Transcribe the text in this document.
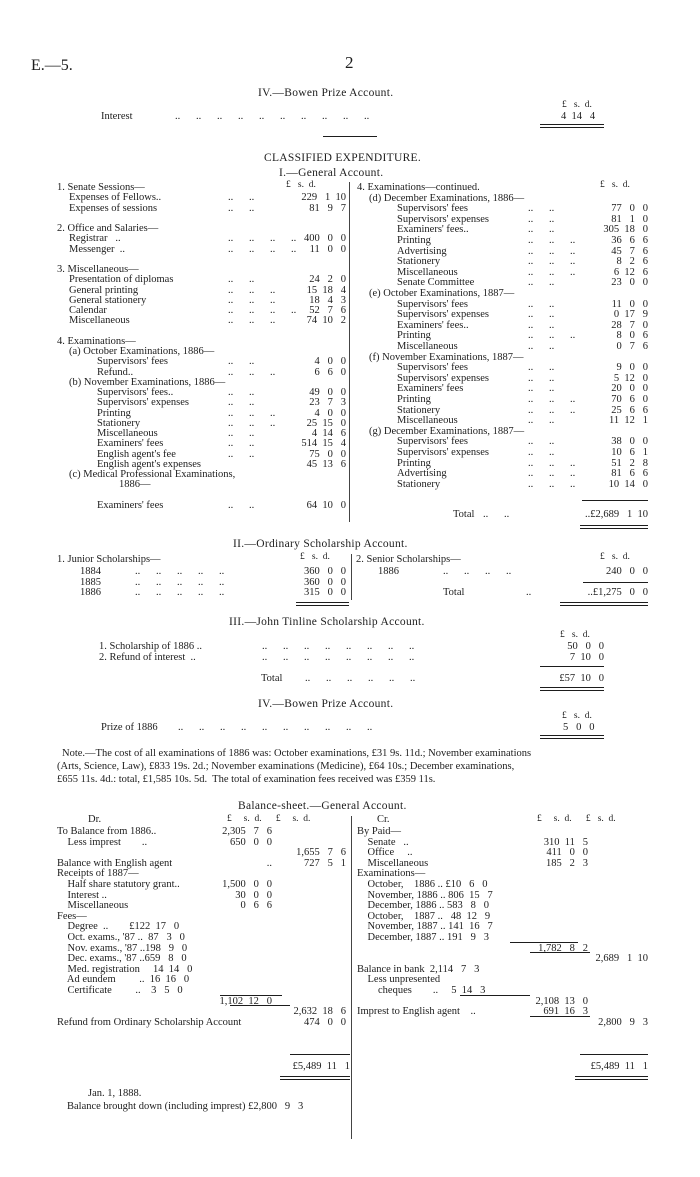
E.—5.	2
IV.—Bowen Prize Account.
£   s.  d.
Interest	..      ..      ..      ..      ..      ..      ..      ..      ..      ..	4  14   4
CLASSIFIED EXPENDITURE.
I.—General Account.
£   s.  d.	£   s.  d.
1. Senate Sessions—
Expenses of Fellows..	..      ..	229   1  10
Expenses of sessions	..      ..	81   9   7
2. Office and Salaries—
Registrar   ..	..      ..      ..      .. 400   0   0
Messenger  ..	..      ..      ..      ..	11   0   0
3. Miscellaneous—
Presentation of diplomas	..      ..	24   2   0
General printing	..      ..      ..	15  18   4
General stationery	..      ..      ..	18   4   3
Calendar	..      ..      ..      ..	52   7   6
Miscellaneous	..      ..      ..	74  10   2
4. Examinations—
(a) October Examinations, 1886—
Supervisors' fees	..      ..	4   0   0
Refund..	..      ..      ..	6   6   0
(b) November Examinations, 1886—
Supervisors' fees..	..      ..	49   0   0
Supervisors' expenses	..      ..	23   7   3
Printing	..      ..      ..	4   0   0
Stationery	..      ..      ..	25  15   0
Miscellaneous	..      ..	4  14   6
Examiners' fees	..      ..	514  15   4
English agent's fee	..      ..	75   0   0
English agent's expenses	45  13   6
(c) Medical Professional Examinations,
1886—
Examiners' fees	..      ..	64  10   0
4. Examinations—continued.
(d) December Examinations, 1886—
Supervisors' fees	..      ..	77   0   0
Supervisors' expenses	..      ..	81   1   0
Examiners' fees..	..      ..	305  18   0
Printing	..      ..      ..	36   6   6
Advertising	..      ..      ..	45   7   6
Stationery	..      ..      ..	8   2   6
Miscellaneous	..      ..      ..	6  12   6
Senate Committee	..      ..	23   0   0
(e) October Examinations, 1887—
Supervisors' fees	..      ..	11   0   0
Supervisors' expenses	..      ..	0  17   9
Examiners' fees..	..      ..	28   7   0
Printing	..      ..      ..	8   0   6
Miscellaneous	..      ..	0   7   6
(f) November Examinations, 1887—
Supervisors' fees	..      ..	9   0   0
Supervisors' expenses	..      ..	5  12   0
Examiners' fees	..      ..	20   0   0
Printing	..      ..      ..	70   6   0
Stationery	..      ..      ..	25   6   6
Miscellaneous	..      ..	11  12   1
(g) December Examinations, 1887—
Supervisors' fees	..      ..	38   0   0
Supervisors' expenses	..      ..	10   6   1
Printing	..      ..      ..	51   2   8
Advertising	..      ..      ..	81   6   6
Stationery	..      ..      ..	10  14   0
Total ..      ..	..£2,689   1  10
II.—Ordinary Scholarship Account.
£   s.  d.	£   s.  d.
1. Junior Scholarships—
1884	..      ..      ..      ..      ..	360   0   0
1885	..      ..      ..      ..      ..	360   0   0
1886	..      ..      ..      ..      ..	315   0   0
2. Senior Scholarships—
1886	..      ..      ..      ..	240   0   0
Total	..	..£1,275   0   0
III.—John Tinline Scholarship Account.
£   s.  d.
1. Scholarship of 1886 ..	..      ..      ..      ..      ..      ..      ..      ..	50   0   0
2. Refund of interest  ..	..      ..      ..      ..      ..      ..      ..      ..	7  10   0
Total ..      ..      ..      ..      ..      ..	£57  10   0
IV.—Bowen Prize Account.
£   s.  d.
Prize of 1886 ..      ..      ..      ..      ..      ..      ..      ..      ..      ..	5   0   0
Note.—The cost of all examinations of 1886 was: October examinations, £31 9s. 11d.; November examinations
(Arts, Science, Law), £833 19s. 2d.; November examinations (Medicine), £64 10s.; December examinations,
£655 11s. 4d.: total, £1,585 10s. 5d.  The total of examination fees received was £359 11s.
Balance-sheet.—General Account.
Dr.	Cr.
£     s.  d.      £     s.  d.	£     s.  d.      £   s.  d.
To Balance from 1886..	2,305   7   6
Less imprest        ..	650   0   0
1,655   7   6
Balance with English agent	..	727   5   1
Receipts of 1887—
Half share statutory grant..	1,500   0   0
Interest ..	30   0   0
Miscellaneous	0   6   6
Fees—
Degree  ..        £122  17   0
Oct. exams., '87 ..  87   3   0
Nov. exams., '87 ..198   9   0
Dec. exams., '87 ..659   8   0
Med. registration     14  14   0
Ad eundem         ..  16  16   0
Certificate         ..    3   5   0
1,102  12   0
2,632  18   6
Refund from Ordinary Scholarship Account	474   0   0
By Paid—
Senate   ..	310  11   5
Office     ..	411   0   0
Miscellaneous	185   2   3
Examinations—
October,    1886 .. £10   6   0
November, 1886 .. 806  15   7
December, 1886 .. 583   8   0
October,    1887 ..   48  12   9
November, 1887 .. 141  16   7
December, 1887 .. 191   9   3
1,782   8   2
2,689   1  10
Balance in bank  2,114   7   3
Less unpresented
cheques        ..     5  14   3
2,108  13   0
Imprest to English agent    ..	691  16   3
2,800   9   3
£5,489  11   1	£5,489  11   1
Jan. 1, 1888.
Balance brought down (including imprest) £2,800   9   3
